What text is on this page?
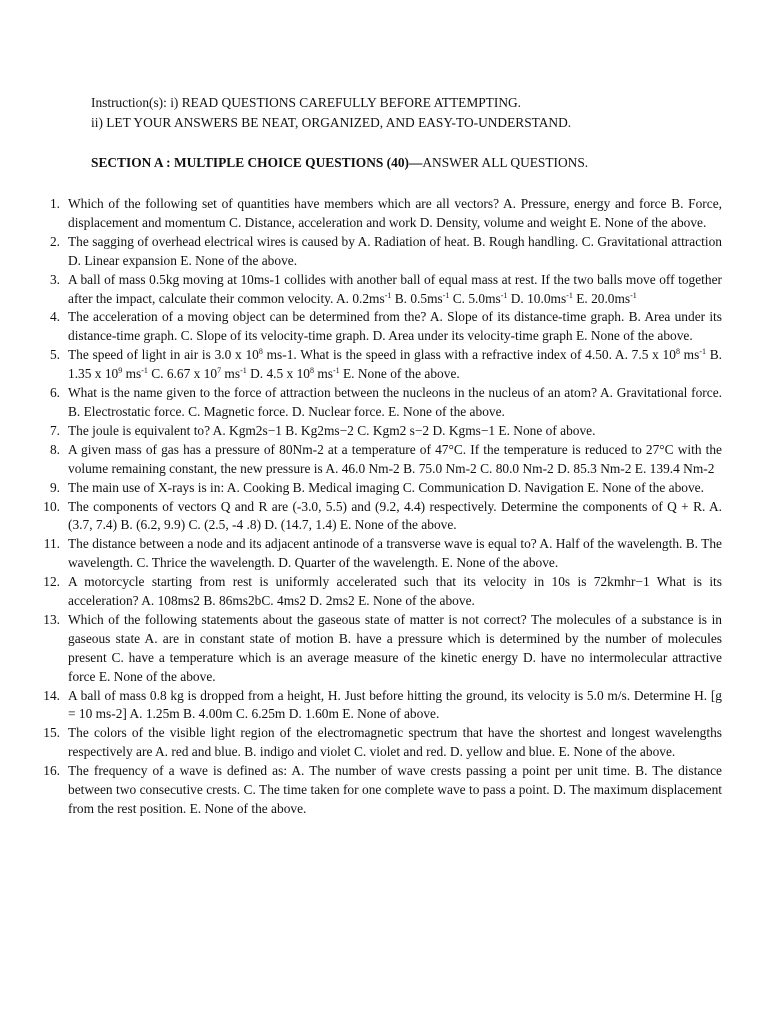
Instruction(s): i) READ QUESTIONS CAREFULLY BEFORE ATTEMPTING.
ii) LET YOUR ANSWERS BE NEAT, ORGANIZED, AND EASY-TO-UNDERSTAND.
SECTION A : MULTIPLE CHOICE QUESTIONS (40)—ANSWER ALL QUESTIONS.
1. Which of the following set of quantities have members which are all vectors? A. Pressure, energy and force B. Force, displacement and momentum C. Distance, acceleration and work D. Density, volume and weight E. None of the above.
2. The sagging of overhead electrical wires is caused by A. Radiation of heat. B. Rough handling. C. Gravitational attraction D. Linear expansion E. None of the above.
3. A ball of mass 0.5kg moving at 10ms-1 collides with another ball of equal mass at rest. If the two balls move off together after the impact, calculate their common velocity. A. $0.2ms^{-1}$ B. $0.5ms^{-1}$ C. $5.0ms^{-1}$ D. $10.0ms^{-1}$ E. $20.0ms^{-1}$
4. The acceleration of a moving object can be determined from the? A. Slope of its distance-time graph. B. Area under its distance-time graph. C. Slope of its velocity-time graph. D. Area under its velocity-time graph E. None of the above.
5. The speed of light in air is 3.0 x $10^8$ ms-1. What is the speed in glass with a refractive index of 4.50. A. 7.5 x $10^8$ $ms^{-1}$ B. 1.35 x $10^9$ $ms^{-1}$ C. 6.67 x $10^7$ $ms^{-1}$ D. 4.5 x $10^8$ $ms^{-1}$ E. None of the above.
6. What is the name given to the force of attraction between the nucleons in the nucleus of an atom? A. Gravitational force. B. Electrostatic force. C. Magnetic force. D. Nuclear force. E. None of the above.
7. The joule is equivalent to? A. Kgm2s−1 B. Kg2ms−2 C. Kgm2 s−2 D. Kgms−1 E. None of above.
8. A given mass of gas has a pressure of 80Nm-2 at a temperature of 47°C. If the temperature is reduced to 27°C with the volume remaining constant, the new pressure is A. 46.0 Nm-2 B. 75.0 Nm-2 C. 80.0 Nm-2 D. 85.3 Nm-2 E. 139.4 Nm-2
9. The main use of X-rays is in: A. Cooking B. Medical imaging C. Communication D. Navigation E. None of the above.
10. The components of vectors Q and R are (-3.0, 5.5) and (9.2, 4.4) respectively. Determine the components of Q + R. A. (3.7, 7.4) B. (6.2, 9.9) C. (2.5, -4 .8) D. (14.7, 1.4) E. None of the above.
11. The distance between a node and its adjacent antinode of a transverse wave is equal to? A. Half of the wavelength. B. The wavelength. C. Thrice the wavelength. D. Quarter of the wavelength. E. None of the above.
12. A motorcycle starting from rest is uniformly accelerated such that its velocity in 10s is 72kmhr−1 What is its acceleration? A. 108ms2 B. 86ms2bC. 4ms2 D. 2ms2 E. None of the above.
13. Which of the following statements about the gaseous state of matter is not correct? The molecules of a substance is in gaseous state A. are in constant state of motion B. have a pressure which is determined by the number of molecules present C. have a temperature which is an average measure of the kinetic energy D. have no intermolecular attractive force E. None of the above.
14. A ball of mass 0.8 kg is dropped from a height, H. Just before hitting the ground, its velocity is 5.0 m/s. Determine H. [g = 10 ms-2] A. 1.25m B. 4.00m C. 6.25m D. 1.60m E. None of above.
15. The colors of the visible light region of the electromagnetic spectrum that have the shortest and longest wavelengths respectively are A. red and blue. B. indigo and violet C. violet and red. D. yellow and blue. E. None of the above.
16. The frequency of a wave is defined as: A. The number of wave crests passing a point per unit time. B. The distance between two consecutive crests. C. The time taken for one complete wave to pass a point. D. The maximum displacement from the rest position. E. None of the above.
